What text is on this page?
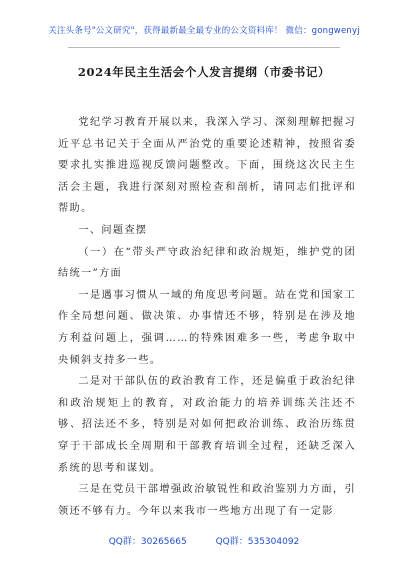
关注头条号"公文研究"，获得最新最全最专业的公文资料库！ 微信：gongwenyj
2024年民主生活会个人发言提纲（市委书记）

党纪学习教育开展以来，我深入学习、深刻理解把握习近平总书记关于全面从严治党的重要论述精神，按照省委要求扎实推进巡视反馈问题整改。下面，围绕这次民主生活会主题，我进行深刻对照检查和剖析，请同志们批评和帮助。

一、问题查摆

（一）在“带头严守政治纪律和政治规矩，维护党的团结统一”方面

一是遇事习惯从一域的角度思考问题。站在党和国家工作全局想问题、做决策、办事情还不够，特别是在涉及地方利益问题上，强调……的特殊困难多一些，考虑争取中央倾斜支持多一些。

二是对干部队伍的政治教育工作，还是偏重于政治纪律和政治规矩上的教育，对政治能力的培养训练关注还不够、招法还不多，特别是对如何把政治训练、政治历练贯穿于干部成长全周期和干部教育培训全过程，还缺乏深入系统的思考和谋划。

三是在党员干部增强政治敏锐性和政治鉴别力方面，引领还不够有力。今年以来我市一些地方出现了有一定影

QQ群：30265665	QQ群：535304092
